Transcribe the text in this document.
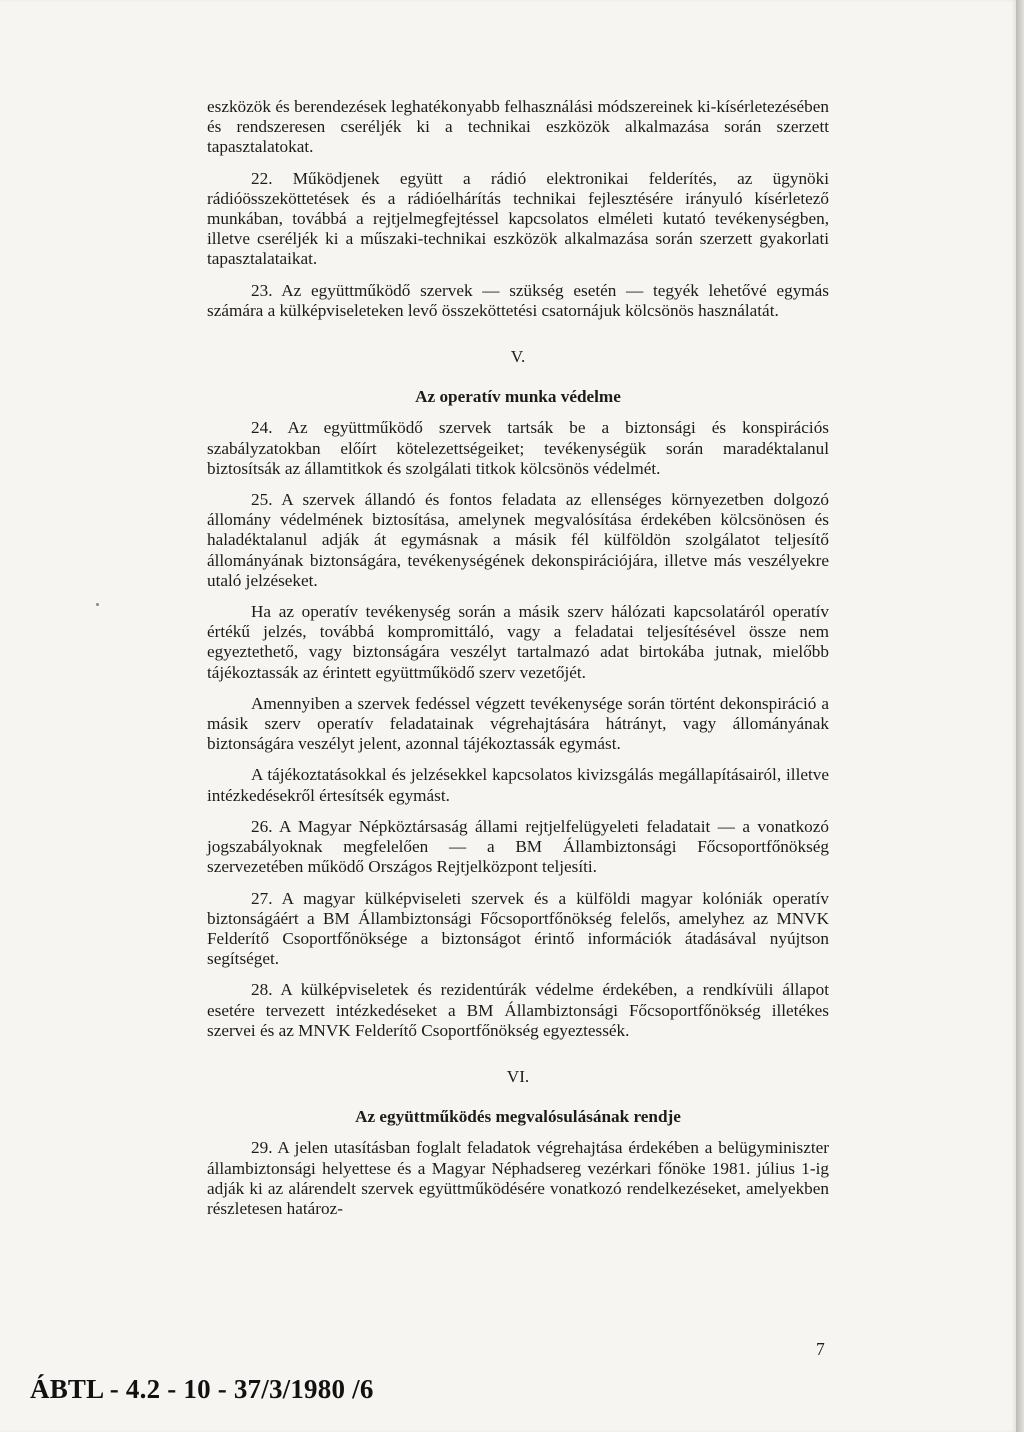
eszközök és berendezések leghatékonyabb felhasználási módszereinek ki-kísérletezésében és rendszeresen cseréljék ki a technikai eszközök alkalmazása során szerzett tapasztalatokat.

22. Működjenek együtt a rádió elektronikai felderítés, az ügynöki rádióösszeköttetések és a rádióelhárítás technikai fejlesztésére irányuló kísérletező munkában, továbbá a rejtjelmegfejtéssel kapcsolatos elméleti kutató tevékenységben, illetve cseréljék ki a műszaki-technikai eszközök alkalmazása során szerzett gyakorlati tapasztalataikat.

23. Az együttműködő szervek — szükség esetén — tegyék lehetővé egymás számára a külképviseleteken levő összeköttetési csatornájuk kölcsönös használatát.

V.

Az operatív munka védelme

24. Az együttműködő szervek tartsák be a biztonsági és konspirációs szabályzatokban előírt kötelezettségeiket; tevékenységük során maradéktalanul biztosítsák az államtitkok és szolgálati titkok kölcsönös védelmét.

25. A szervek állandó és fontos feladata az ellenséges környezetben dolgozó állomány védelmének biztosítása, amelynek megvalósítása érdekében kölcsönösen és haladéktalanul adják át egymásnak a másik fél külföldön szolgálatot teljesítő állományának biztonságára, tevékenységének dekonspirációjára, illetve más veszélyekre utaló jelzéseket.

Ha az operatív tevékenység során a másik szerv hálózati kapcsolatáról operatív értékű jelzés, továbbá kompromittáló, vagy a feladatai teljesítésével össze nem egyeztethető, vagy biztonságára veszélyt tartalmazó adat birtokába jutnak, mielőbb tájékoztassák az érintett együttműködő szerv vezetőjét.

Amennyiben a szervek fedéssel végzett tevékenysége során történt dekonspiráció a másik szerv operatív feladatainak végrehajtására hátrányt, vagy állományának biztonságára veszélyt jelent, azonnal tájékoztassák egymást.

A tájékoztatásokkal és jelzésekkel kapcsolatos kivizsgálás megállapításairól, illetve intézkedésekről értesítsék egymást.

26. A Magyar Népköztársaság állami rejtjelfelügyeleti feladatait — a vonatkozó jogszabályoknak megfelelően — a BM Állambiztonsági Főcsoportfőnökség szervezetében működő Országos Rejtjelközpont teljesíti.

27. A magyar külképviseleti szervek és a külföldi magyar kolóniák operatív biztonságáért a BM Állambiztonsági Főcsoportfőnökség felelős, amelyhez az MNVK Felderítő Csoportfőnöksége a biztonságot érintő információk átadásával nyújtson segítséget.

28. A külképviseletek és rezidentúrák védelme érdekében, a rendkívüli állapot esetére tervezett intézkedéseket a BM Állambiztonsági Főcsoportfőnökség illetékes szervei és az MNVK Felderítő Csoportfőnökség egyeztessék.

VI.

Az együttműködés megvalósulásának rendje

29. A jelen utasításban foglalt feladatok végrehajtása érdekében a belügyminiszter állambiztonsági helyettese és a Magyar Néphadsereg vezérkari főnöke 1981. július 1-ig adják ki az alárendelt szervek együttműködésére vonatkozó rendelkezéseket, amelyekben részletesen határoz-

7
ÁBTL - 4.2 - 10 - 37/3/1980 /6
